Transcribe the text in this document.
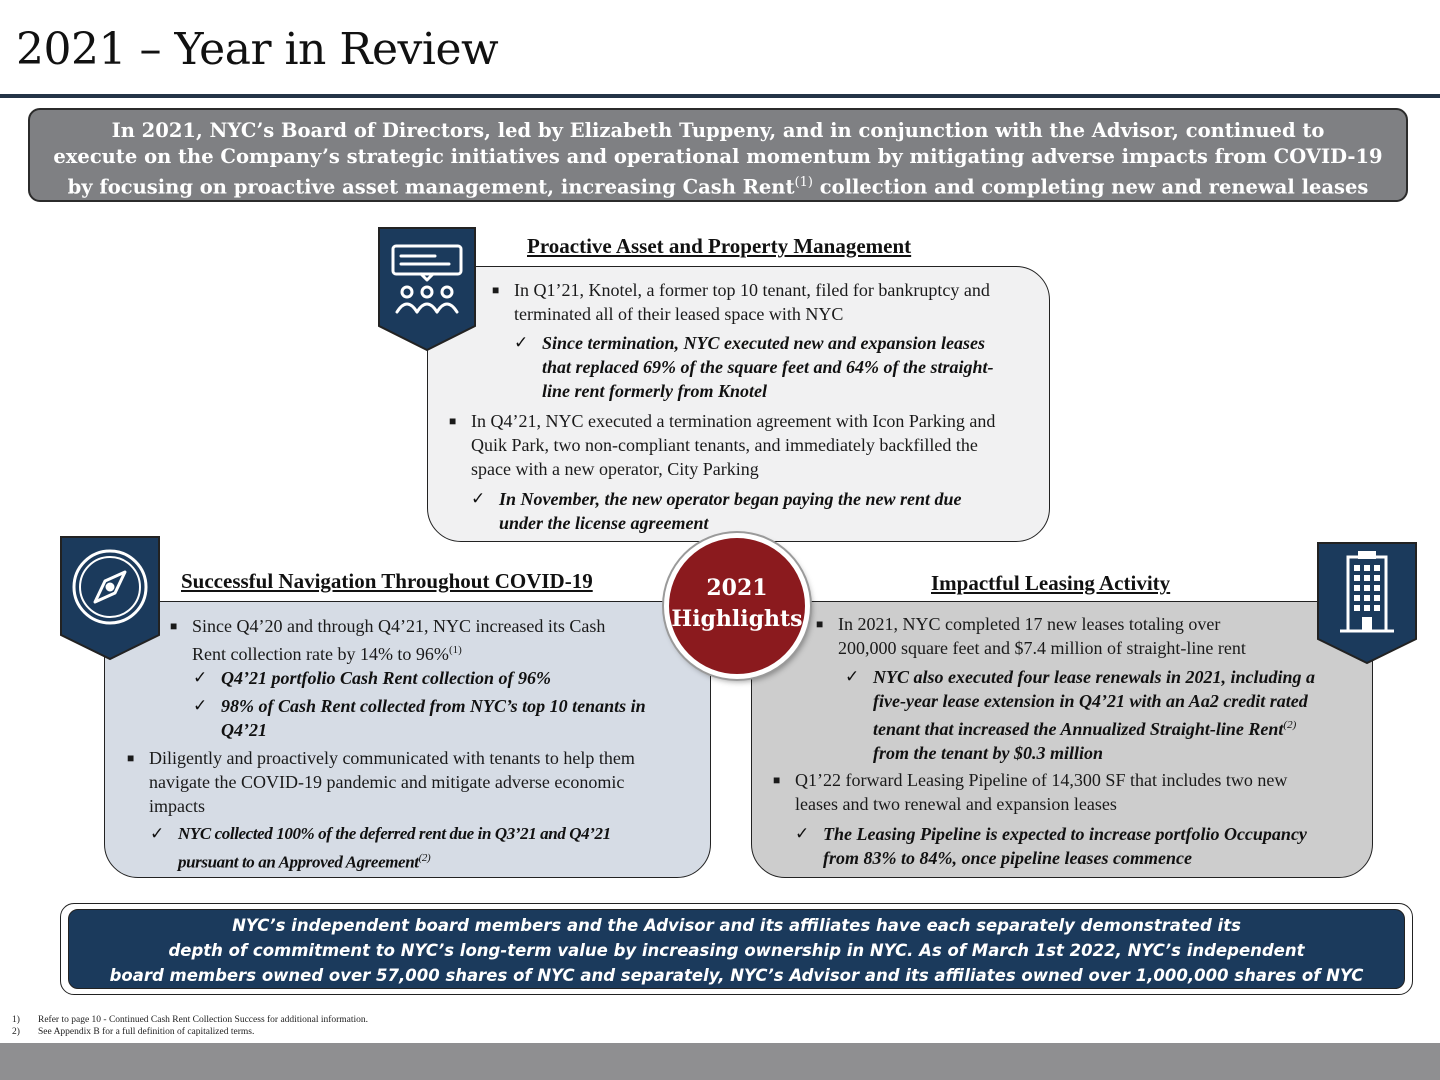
2021 – Year in Review
In 2021, NYC’s Board of Directors, led by Elizabeth Tuppeny, and in conjunction with the Advisor, continued to
execute on the Company’s strategic initiatives and operational momentum by mitigating adverse impacts from COVID-19
by focusing on proactive asset management, increasing Cash Rent$^{(1)}$ collection and completing new and renewal leases
Proactive Asset and Property Management
■ In Q1’21, Knotel, a former top 10 tenant, filed for bankruptcy and
terminated all of their leased space with NYC
✓ Since termination, NYC executed new and expansion leases
that replaced 69% of the square feet and 64% of the straight-
line rent formerly from Knotel
■ In Q4’21, NYC executed a termination agreement with Icon Parking and
Quik Park, two non-compliant tenants, and immediately backfilled the
space with a new operator, City Parking
✓ In November, the new operator began paying the new rent due
under the license agreement
Successful Navigation Throughout COVID-19
■ Since Q4’20 and through Q4’21, NYC increased its Cash
Rent collection rate by 14% to 96%$^{(1)}$
✓ Q4’21 portfolio Cash Rent collection of 96%
✓ 98% of Cash Rent collected from NYC’s top 10 tenants in
Q4’21
■ Diligently and proactively communicated with tenants to help them
navigate the COVID-19 pandemic and mitigate adverse economic
impacts
✓ NYC collected 100% of the deferred rent due in Q3’21 and Q4’21
pursuant to an Approved Agreement$^{(2)}$
Impactful Leasing Activity
■ In 2021, NYC completed 17 new leases totaling over
200,000 square feet and $7.4 million of straight-line rent
✓ NYC also executed four lease renewals in 2021, including a
five-year lease extension in Q4’21 with an Aa2 credit rated
tenant that increased the Annualized Straight-line Rent$^{(2)}$
from the tenant by $0.3 million
■ Q1’22 forward Leasing Pipeline of 14,300 SF that includes two new
leases and two renewal and expansion leases
✓ The Leasing Pipeline is expected to increase portfolio Occupancy
from 83% to 84%, once pipeline leases commence
2021
Highlights
NYC’s independent board members and the Advisor and its affiliates have each separately demonstrated its
depth of commitment to NYC’s long-term value by increasing ownership in NYC. As of March 1st 2022, NYC’s independent
board members owned over 57,000 shares of NYC and separately, NYC’s Advisor and its affiliates owned over 1,000,000 shares of NYC
1) Refer to page 10 - Continued Cash Rent Collection Success for additional information.
2) See Appendix B for a full definition of capitalized terms.
